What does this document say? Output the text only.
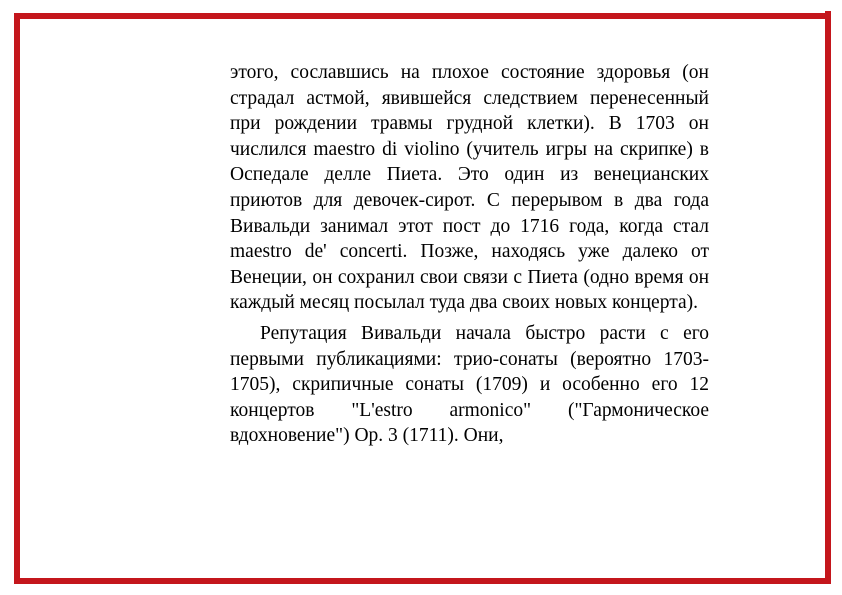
этого, сославшись на плохое состояние здоровья (он страдал астмой, явившейся следствием перенесенный при рождении травмы грудной клетки). В 1703 он числился maestro di violino (учитель игры на скрипке) в Оспедале делле Пиета. Это один из венецианских приютов для девочек-сирот. С перерывом в два года Вивальди занимал этот пост до 1716 года, когда стал maestro de' concerti. Позже, находясь уже далеко от Венеции, он сохранил свои связи с Пиета (одно время он каждый месяц посылал туда два своих новых концерта).

Репутация Вивальди начала быстро расти с его первыми публикациями: трио-сонаты (вероятно 1703-1705), скрипичные сонаты (1709) и особенно его 12 концертов "L'estro armonico" ("Гармоническое вдохновение") Op. 3 (1711). Они,
